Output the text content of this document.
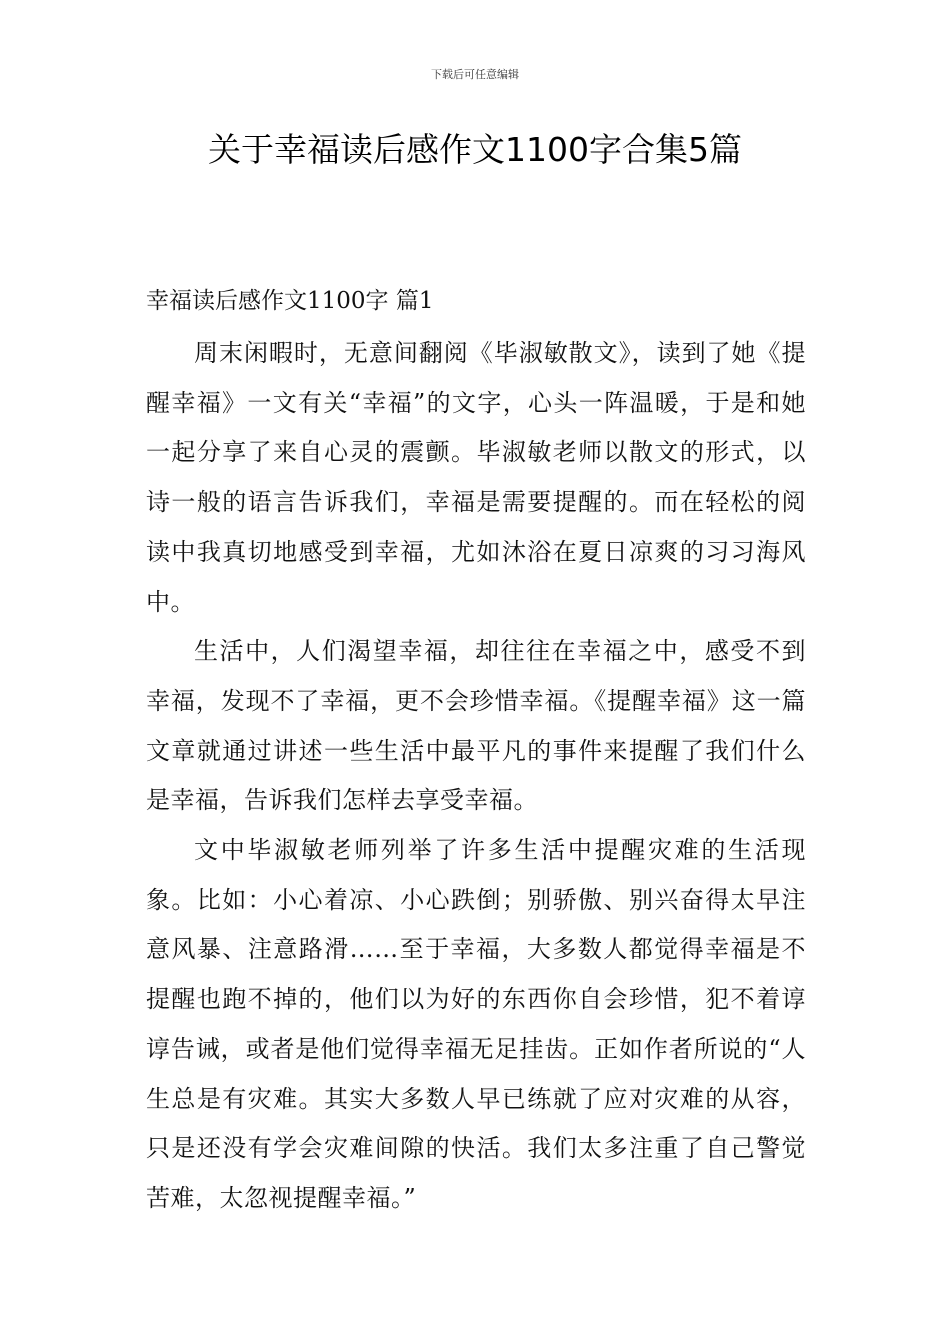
下载后可任意编辑
关于幸福读后感作文1100字合集5篇
幸福读后感作文1100字 篇1

周末闲暇时，无意间翻阅《毕淑敏散文》，读到了她《提醒幸福》一文有关“幸福”的文字，心头一阵温暖，于是和她一起分享了来自心灵的震颤。毕淑敏老师以散文的形式，以诗一般的语言告诉我们，幸福是需要提醒的。而在轻松的阅读中我真切地感受到幸福，尤如沐浴在夏日凉爽的习习海风中。

生活中，人们渴望幸福，却往往在幸福之中，感受不到幸福，发现不了幸福，更不会珍惜幸福。《提醒幸福》这一篇文章就通过讲述一些生活中最平凡的事件来提醒了我们什么是幸福，告诉我们怎样去享受幸福。

文中毕淑敏老师列举了许多生活中提醒灾难的生活现象。比如：小心着凉、小心跌倒；别骄傲、别兴奋得太早注意风暴、注意路滑……至于幸福，大多数人都觉得幸福是不提醒也跑不掉的，他们以为好的东西你自会珍惜，犯不着谆谆告诫，或者是他们觉得幸福无足挂齿。正如作者所说的“人生总是有灾难。其实大多数人早已练就了应对灾难的从容，只是还没有学会灾难间隙的快活。我们太多注重了自己警觉苦难，太忽视提醒幸福。”
